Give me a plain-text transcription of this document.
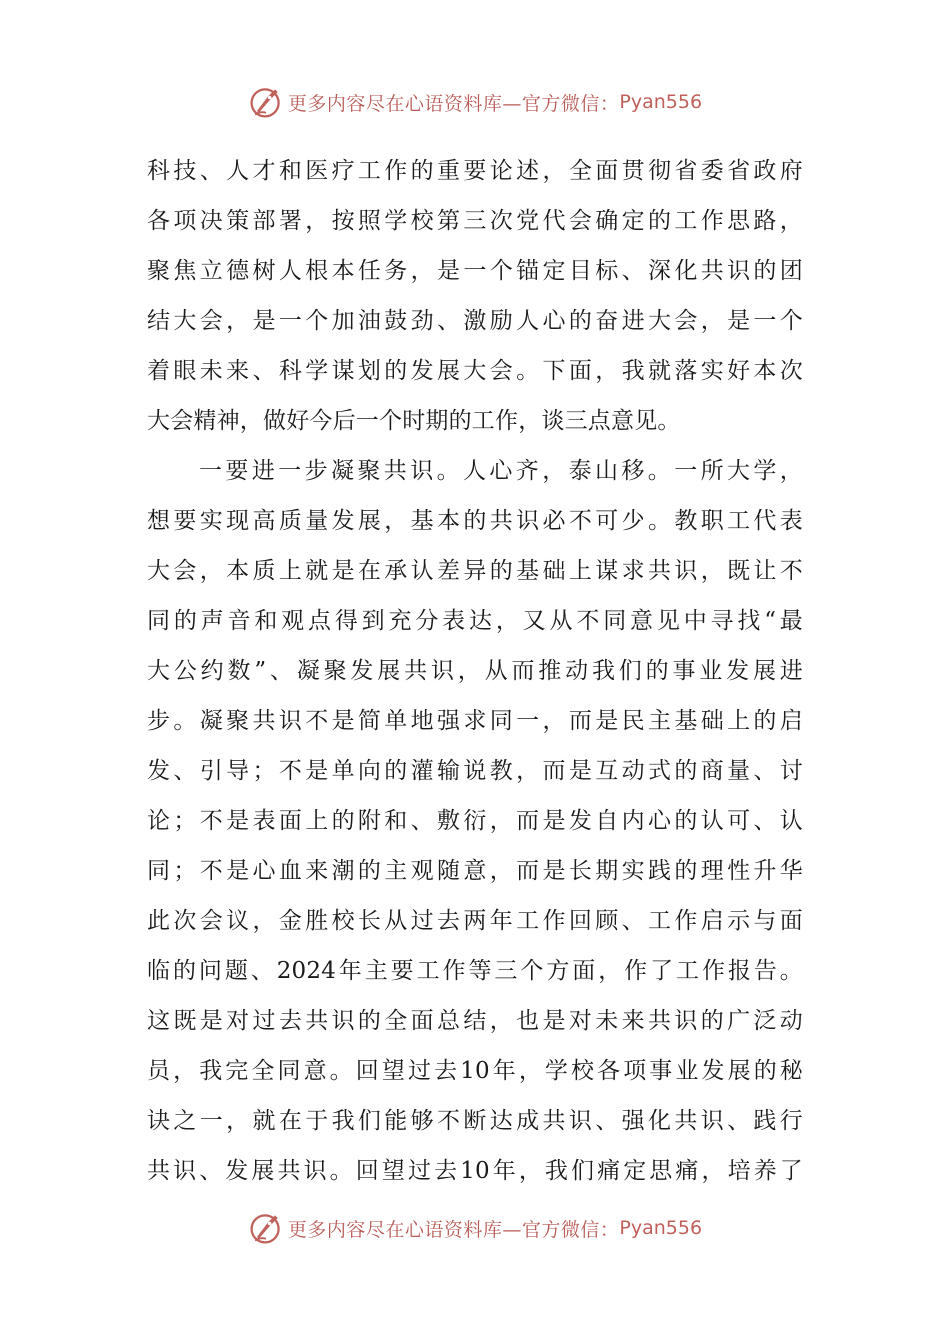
更多内容尽在心语资料库—官方微信： Pyan556
科技、人才和医疗工作的重要论述，全面贯彻省委省政府
各项决策部署，按照学校第三次党代会确定的工作思路，
聚焦立德树人根本任务，是一个锚定目标、深化共识的团
结大会，是一个加油鼓劲、激励人心的奋进大会，是一个
着眼未来、科学谋划的发展大会。下面，我就落实好本次
大会精神，做好今后一个时期的工作，谈三点意见。
一要进一步凝聚共识。人心齐，泰山移。一所大学，
想要实现高质量发展，基本的共识必不可少。教职工代表
大会，本质上就是在承认差异的基础上谋求共识，既让不
同的声音和观点得到充分表达，又从不同意见中寻找“最
大公约数”、凝聚发展共识，从而推动我们的事业发展进
步。凝聚共识不是简单地强求同一，而是民主基础上的启
发、引导；不是单向的灌输说教，而是互动式的商量、讨
论；不是表面上的附和、敷衍，而是发自内心的认可、认
同；不是心血来潮的主观随意，而是长期实践的理性升华
此次会议，金胜校长从过去两年工作回顾、工作启示与面
临的问题、2024年主要工作等三个方面，作了工作报告。
这既是对过去共识的全面总结，也是对未来共识的广泛动
员，我完全同意。回望过去10年，学校各项事业发展的秘
诀之一，就在于我们能够不断达成共识、强化共识、践行
共识、发展共识。回望过去10年，我们痛定思痛，培养了
更多内容尽在心语资料库—官方微信： Pyan556
